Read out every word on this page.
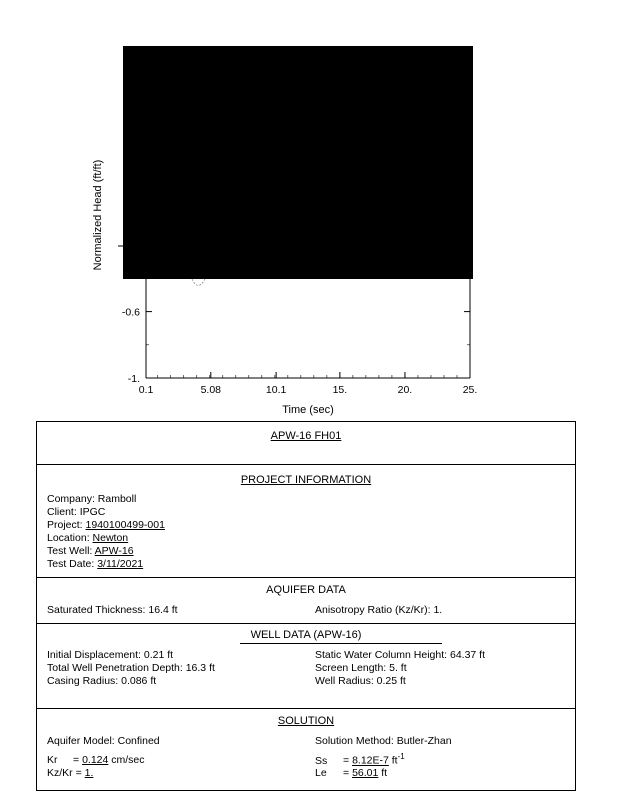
0.1	5.08	10.1	15.	20.	25.
-0.6
-1.
Normalized Head (ft/ft)
Time (sec)
APW-16 FH01
PROJECT INFORMATION
Company: Ramboll
Client: IPGC
Project: 1940100499-001
Location: Newton
Test Well: APW-16
Test Date: 3/11/2021
AQUIFER DATA
Saturated Thickness: 16.4 ft	Anisotropy Ratio (Kz/Kr): 1.
WELL DATA (APW-16)
Initial Displacement: 0.21 ft	Static Water Column Height: 64.37 ft
Total Well Penetration Depth: 16.3 ft	Screen Length: 5. ft
Casing Radius: 0.086 ft	Well Radius: 0.25 ft
SOLUTION
Aquifer Model: Confined	Solution Method: Butler-Zhan
Kr = 0.124 cm/sec	Ss = 8.12E-7 $ft^{-1}$
Kz/Kr = 1.	Le = 56.01 ft
